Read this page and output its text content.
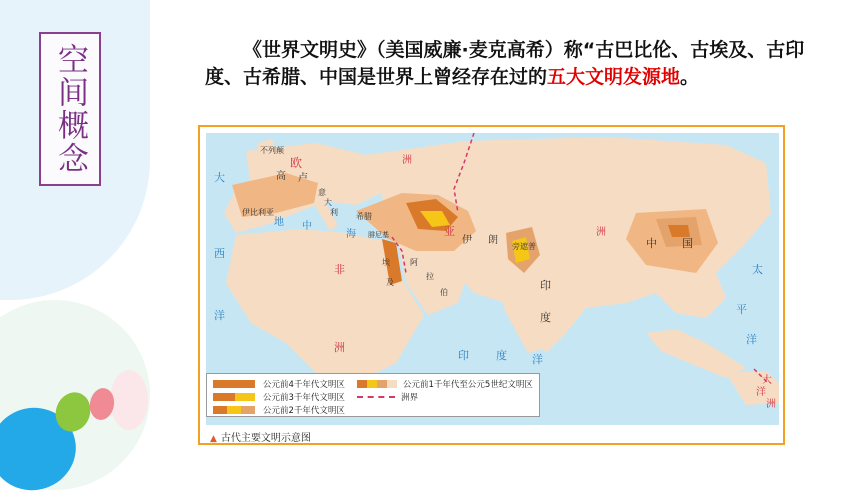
空间概念	《世界文明史》（美国威廉·麦克高希）称“古巴比伦、古埃及、古印度、古希腊、中国是世界上曾经存在过的五大文明发源地。
不列颠
欧	洲
高 卢
意
大
利
伊比利亚
大
西
洋
地 中
海
希腊
腓尼基	亚	洲
伊 朗
旁遮普
阿
拉
伯
埃
及
非
洲
印
度
印 度 洋
中 国
太
平
洋
大
洋
洲
公元前4千年代文明区
公元前3千年代文明区
公元前2千年代文明区
公元前1千年代至公元5世纪文明区
洲界
▲ 古代主要文明示意图
